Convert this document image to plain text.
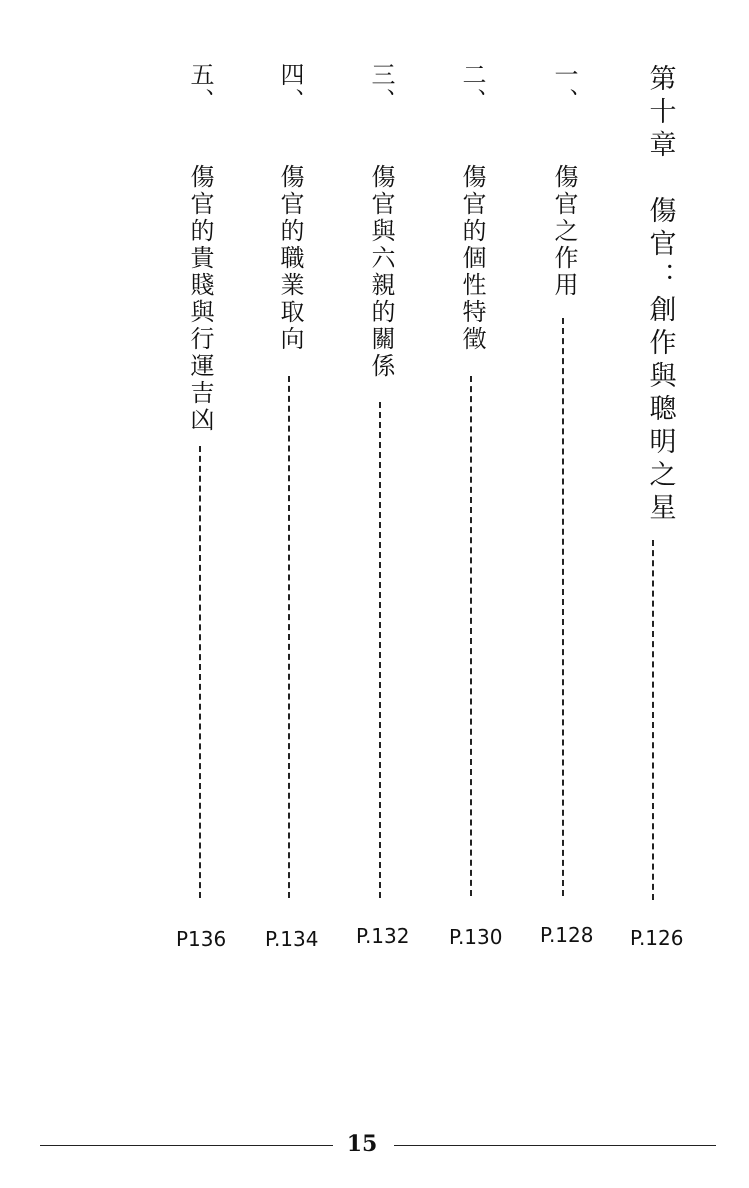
第十章　傷官：創作與聰明之星
P.126
一、
傷官之作用
P.128
二、
傷官的個性特徵
P.130
三、
傷官與六親的關係
P.132
四、
傷官的職業取向
P.134
五、
傷官的貴賤與行運吉凶
P136
15
